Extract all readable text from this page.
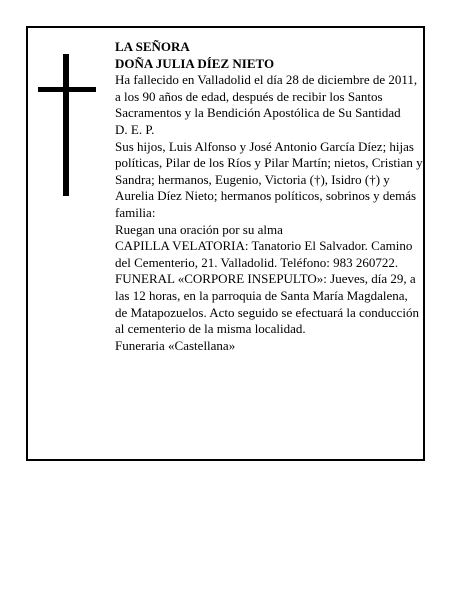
LA SEÑORA

DOÑA JULIA DÍEZ NIETO

Ha fallecido en Valladolid el día 28 de diciembre de 2011, a los 90 años de edad, después de recibir los Santos Sacramentos y la Bendición Apostólica de Su Santidad

D. E. P.

Sus hijos, Luis Alfonso y José Antonio García Díez; hijas políticas, Pilar de los Ríos y Pilar Martín; nietos, Cristian y Sandra; hermanos, Eugenio, Victoria (†), Isidro (†) y Aurelia Díez Nieto; hermanos políticos, sobrinos y demás familia:

Ruegan una oración por su alma

CAPILLA VELATORIA: Tanatorio El Salvador. Camino del Cementerio, 21. Valladolid. Teléfono: 983 260722.

FUNERAL «CORPORE INSEPULTO»: Jueves, día 29, a las 12 horas, en la parroquia de Santa María Magdalena, de Matapozuelos. Acto seguido se efectuará la conducción al cementerio de la misma localidad.

Funeraria «Castellana»
